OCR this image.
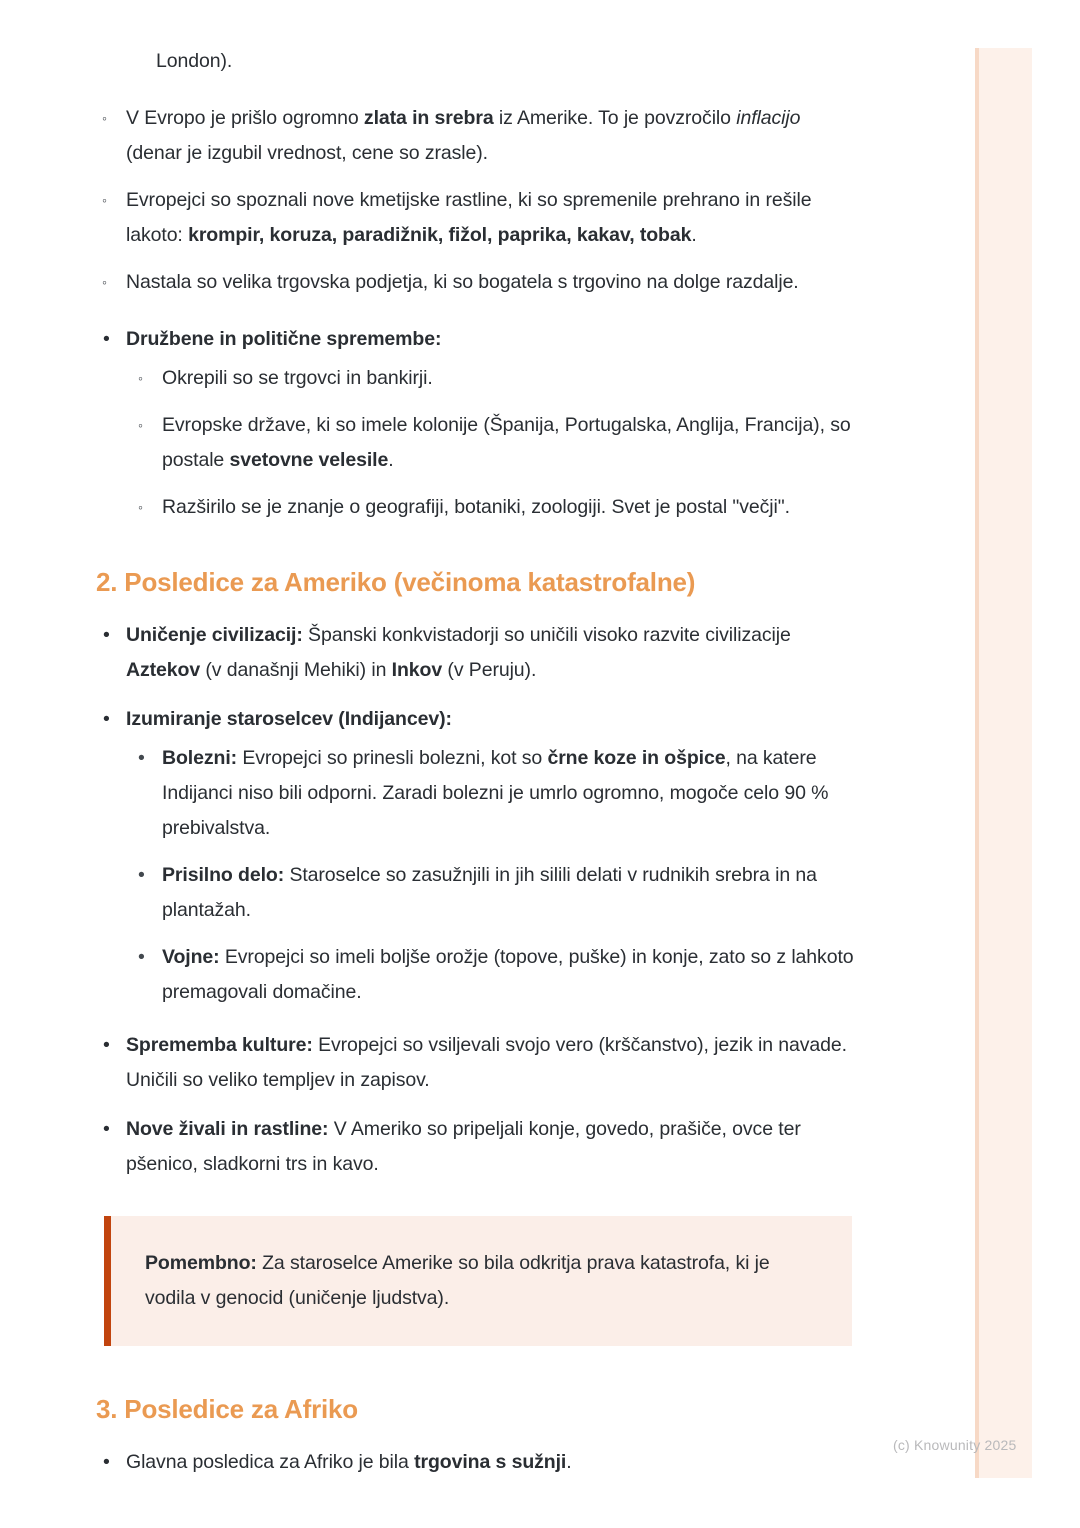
London).
◦ V Evropo je prišlo ogromno zlata in srebra iz Amerike. To je povzročilo inflacijo (denar je izgubil vrednost, cene so zrasle).
◦ Evropejci so spoznali nove kmetijske rastline, ki so spremenile prehrano in rešile lakoto: krompir, koruza, paradižnik, fižol, paprika, kakav, tobak.
◦ Nastala so velika trgovska podjetja, ki so bogatela s trgovino na dolge razdalje.
• Družbene in politične spremembe:
◦ Okrepili so se trgovci in bankirji.
◦ Evropske države, ki so imele kolonije (Španija, Portugalska, Anglija, Francija), so postale svetovne velesile.
◦ Razširilo se je znanje o geografiji, botaniki, zoologiji. Svet je postal "večji".
2. Posledice za Ameriko (večinoma katastrofalne)
• Uničenje civilizacij: Španski konkvistadorji so uničili visoko razvite civilizacije Aztekov (v današnji Mehiki) in Inkov (v Peruju).
• Izumiranje staroselcev (Indijancev):
• Bolezni: Evropejci so prinesli bolezni, kot so črne koze in ošpice, na katere Indijanci niso bili odporni. Zaradi bolezni je umrlo ogromno, mogoče celo 90 % prebivalstva.
• Prisilno delo: Staroselce so zasužnjili in jih silili delati v rudnikih srebra in na plantažah.
• Vojne: Evropejci so imeli boljše orožje (topove, puške) in konje, zato so z lahkoto premagovali domačine.
• Sprememba kulture: Evropejci so vsiljevali svojo vero (krščanstvo), jezik in navade. Uničili so veliko templjev in zapisov.
• Nove živali in rastline: V Ameriko so pripeljali konje, govedo, prašiče, ovce ter pšenico, sladkorni trs in kavo.

Pomembno: Za staroselce Amerike so bila odkritja prava katastrofa, ki je vodila v genocid (uničenje ljudstva).

3. Posledice za Afriko
• Glavna posledica za Afriko je bila trgovina s sužnji.
(c) Knowunity 2025
